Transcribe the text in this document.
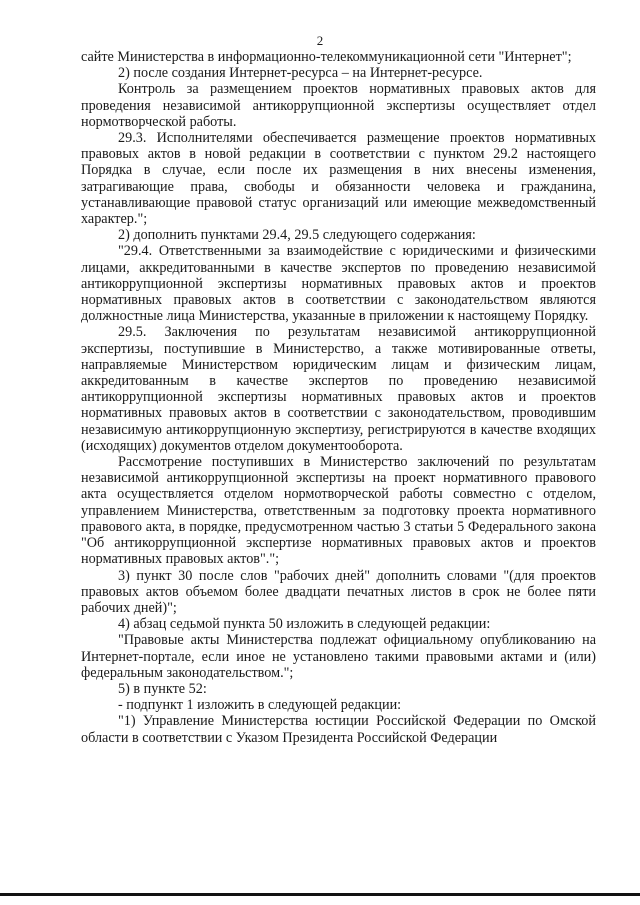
2

сайте Министерства в информационно-телекоммуникационной сети "Интернет";

2) после создания Интернет-ресурса – на Интернет-ресурсе.

Контроль за размещением проектов нормативных правовых актов для проведения независимой антикоррупционной экспертизы осуществляет отдел нормотворческой работы.

29.3. Исполнителями обеспечивается размещение проектов нормативных правовых актов в новой редакции в соответствии с пунктом 29.2 настоящего Порядка в случае, если после их размещения в них внесены изменения, затрагивающие права, свободы и обязанности человека и гражданина, устанавливающие правовой статус организаций или имеющие межведомственный характер.";

2) дополнить пунктами 29.4, 29.5 следующего содержания:

"29.4. Ответственными за взаимодействие с юридическими и физическими лицами, аккредитованными в качестве экспертов по проведению независимой антикоррупционной экспертизы нормативных правовых актов и проектов нормативных правовых актов в соответствии с законодательством являются должностные лица Министерства, указанные в приложении к настоящему Порядку.

29.5. Заключения по результатам независимой антикоррупционной экспертизы, поступившие в Министерство, а также мотивированные ответы, направляемые Министерством юридическим лицам и физическим лицам, аккредитованным в качестве экспертов по проведению независимой антикоррупционной экспертизы нормативных правовых актов и проектов нормативных правовых актов в соответствии с законодательством, проводившим независимую антикоррупционную экспертизу, регистрируются в качестве входящих (исходящих) документов отделом документооборота.

Рассмотрение поступивших в Министерство заключений по результатам независимой антикоррупционной экспертизы на проект нормативного правового акта осуществляется отделом нормотворческой работы совместно с отделом, управлением Министерства, ответственным за подготовку проекта нормативного правового акта, в порядке, предусмотренном частью 3 статьи 5 Федерального закона "Об антикоррупционной экспертизе нормативных правовых актов и проектов нормативных правовых актов".";

3) пункт 30 после слов "рабочих дней" дополнить словами "(для проектов правовых актов объемом более двадцати печатных листов в срок не более пяти рабочих дней)";

4) абзац седьмой пункта 50 изложить в следующей редакции:

"Правовые акты Министерства подлежат официальному опубликованию на Интернет-портале, если иное не установлено такими правовыми актами и (или) федеральным законодательством.";

5) в пункте 52:

- подпункт 1 изложить в следующей редакции:

"1) Управление Министерства юстиции Российской Федерации по Омской области в соответствии с Указом Президента Российской Федерации
